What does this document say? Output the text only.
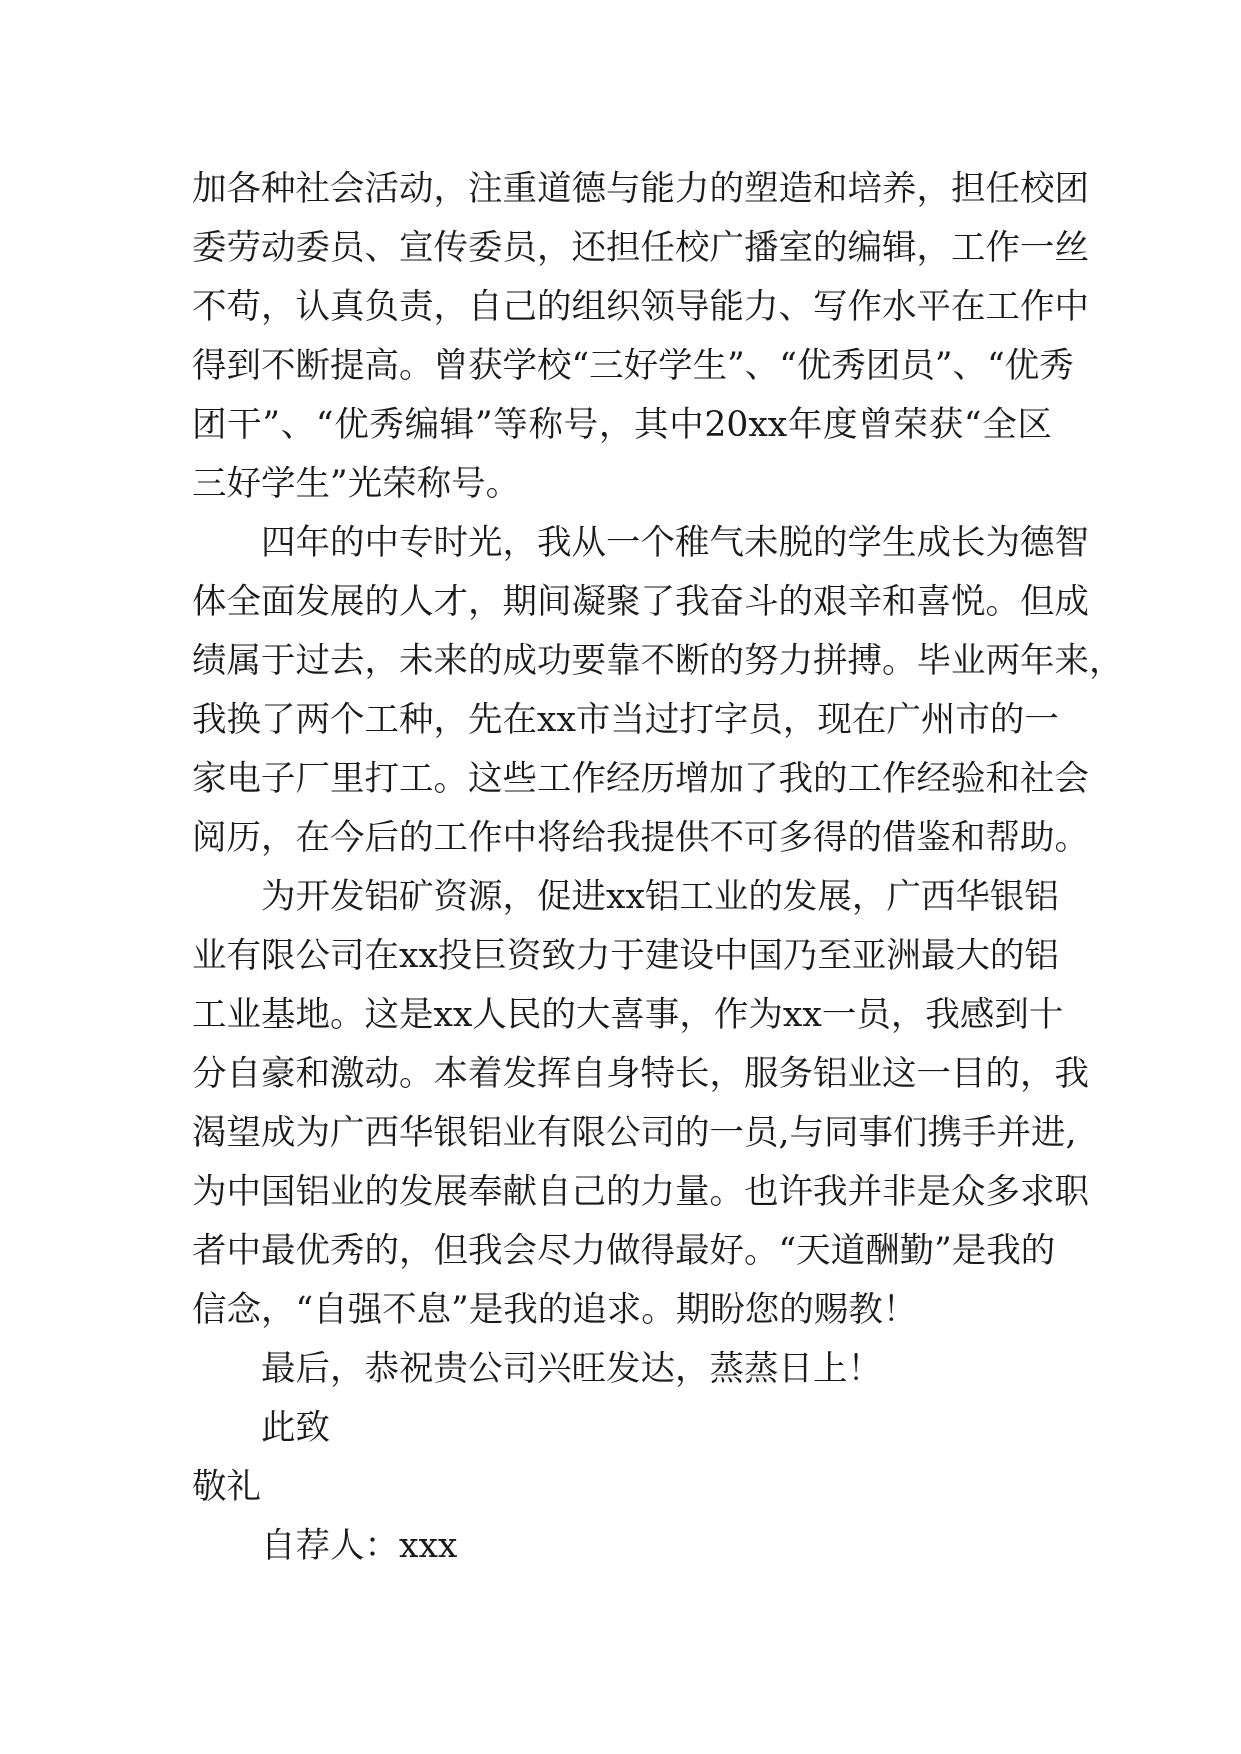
加 各 种 社 会 活 动 ， 注 重 道 德 与 能 力 的 塑 造 和 培 养 ， 担 任 校 团
委 劳 动 委 员 、 宣 传 委 员 ， 还 担 任 校 广 播 室 的 编 辑 ， 工 作 一 丝
不 苟 ， 认 真 负 责 ， 自 己 的 组 织 领 导 能 力 、 写 作 水 平 在 工 作 中
得 到 不 断 提 高 。 曾 获 学 校 “ 三 好 学 生 ” 、 “ 优 秀 团 员 ” 、 “ 优 秀
团 干 ” 、 “ 优 秀 编 辑 ” 等 称 号 ， 其 中 20xx 年 度 曾 荣 获 “ 全 区
三好学生”光荣称号。
四 年 的 中 专 时 光 ， 我 从 一 个 稚 气 未 脱 的 学 生 成 长 为 德 智
体 全 面 发 展 的 人 才 ， 期 间 凝 聚 了 我 奋 斗 的 艰 辛 和 喜 悦 。 但 成
绩 属 于 过 去 ， 未 来 的 成 功 要 靠 不 断 的 努 力 拼 搏 。 毕 业 两 年 来 ，
我 换 了 两 个 工 种 ， 先 在 xx 市 当 过 打 字 员 ， 现 在 广 州 市 的 一
家 电 子 厂 里 打 工 。 这 些 工 作 经 历 增 加 了 我 的 工 作 经 验 和 社 会
阅 历 ， 在 今 后 的 工 作 中 将 给 我 提 供 不 可 多 得 的 借 鉴 和 帮 助 。
为 开 发 铝 矿 资 源 ， 促 进 xx 铝 工 业 的 发 展 ， 广 西 华 银 铝
业 有 限 公 司 在 xx 投 巨 资 致 力 于 建 设 中 国 乃 至 亚 洲 最 大 的 铝
工 业 基 地 。 这 是 xx 人 民 的 大 喜 事 ， 作 为 xx 一 员 ， 我 感 到 十
分 自 豪 和 激 动 。 本 着 发 挥 自 身 特 长 ， 服 务 铝 业 这 一 目 的 ， 我
渴 望 成 为 广 西 华 银 铝 业 有 限 公 司 的 一 员 , 与 同 事 们 携 手 并 进 ,
为 中 国 铝 业 的 发 展 奉 献 自 己 的 力 量 。 也 许 我 并 非 是 众 多 求 职
者 中 最 优 秀 的 ， 但 我 会 尽 力 做 得 最 好 。 “ 天 道 酬 勤 ” 是 我 的
信念，“自强不息”是我的追求。期盼您的赐教！
最后，恭祝贵公司兴旺发达，蒸蒸日上！
此致
敬礼
自荐人：xxx
